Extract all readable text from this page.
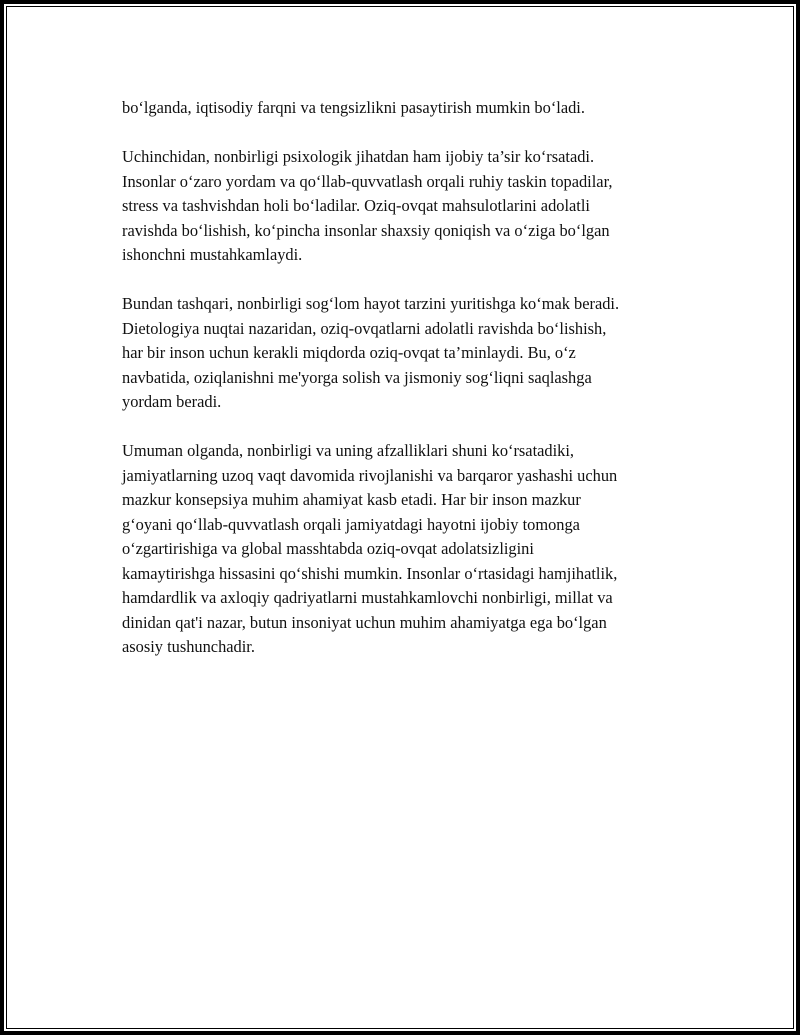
bo‘lganda, iqtisodiy farqni va tengsizlikni pasaytirish mumkin bo‘ladi.

Uchinchidan, nonbirligi psixologik jihatdan ham ijobiy ta’sir ko‘rsatadi.
Insonlar o‘zaro yordam va qo‘llab-quvvatlash orqali ruhiy taskin topadilar,
stress va tashvishdan holi bo‘ladilar. Oziq-ovqat mahsulotlarini adolatli
ravishda bo‘lishish, ko‘pincha insonlar shaxsiy qoniqish va o‘ziga bo‘lgan
ishonchni mustahkamlaydi.

Bundan tashqari, nonbirligi sog‘lom hayot tarzini yuritishga ko‘mak beradi.
Dietologiya nuqtai nazaridan, oziq-ovqatlarni adolatli ravishda bo‘lishish,
har bir inson uchun kerakli miqdorda oziq-ovqat ta’minlaydi. Bu, o‘z
navbatida, oziqlanishni me'yorga solish va jismoniy sog‘liqni saqlashga
yordam beradi.

Umuman olganda, nonbirligi va uning afzalliklari shuni ko‘rsatadiki,
jamiyatlarning uzoq vaqt davomida rivojlanishi va barqaror yashashi uchun
mazkur konsepsiya muhim ahamiyat kasb etadi. Har bir inson mazkur
g‘oyani qo‘llab-quvvatlash orqali jamiyatdagi hayotni ijobiy tomonga
o‘zgartirishiga va global masshtabda oziq-ovqat adolatsizligini
kamaytirishga hissasini qo‘shishi mumkin. Insonlar o‘rtasidagi hamjihatlik,
hamdardlik va axloqiy qadriyatlarni mustahkamlovchi nonbirligi, millat va
dinidan qat'i nazar, butun insoniyat uchun muhim ahamiyatga ega bo‘lgan
asosiy tushunchadir.
